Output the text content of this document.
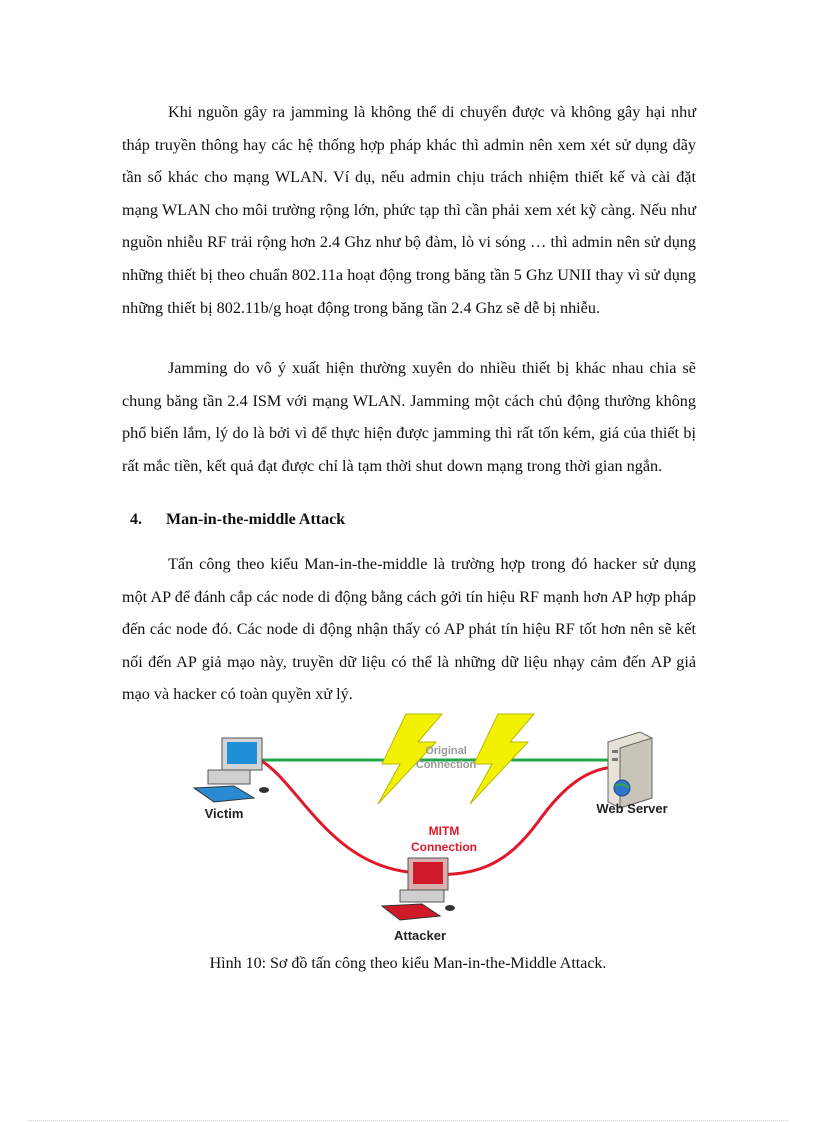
Khi nguồn gây ra jamming là không thể di chuyển được và không gây hại như tháp truyền thông hay các hệ thống hợp pháp khác thì admin nên xem xét sử dụng dãy tần số khác cho mạng WLAN. Ví dụ, nếu admin chịu trách nhiệm thiết kế và cài đặt mạng WLAN cho môi trường rộng lớn, phức tạp thì cần phải xem xét kỹ càng. Nếu như nguồn nhiễu RF trải rộng hơn 2.4 Ghz như bộ đàm, lò vi sóng … thì admin nên sử dụng những thiết bị theo chuẩn 802.11a hoạt động trong băng tần 5 Ghz UNII thay vì sử dụng những thiết bị 802.11b/g hoạt động trong băng tần 2.4 Ghz sẽ dễ bị nhiễu.

Jamming do vô ý xuất hiện thường xuyên do nhiều thiết bị khác nhau chia sẽ chung băng tần 2.4 ISM với mạng WLAN. Jamming một cách chủ động thường không phổ biến lắm, lý do là bởi vì để thực hiện được jamming thì rất tốn kém, giá của thiết bị rất mắc tiền, kết quả đạt được chỉ là tạm thời shut down mạng trong thời gian ngắn.

4. Man-in-the-middle Attack

Tấn công theo kiểu Man-in-the-middle là trường hợp trong đó hacker sử dụng một AP để đánh cắp các node di động bằng cách gởi tín hiệu RF mạnh hơn AP hợp pháp đến các node đó. Các node di động nhận thấy có AP phát tín hiệu RF tốt hơn nên sẽ kết nối đến AP giả mạo này, truyền dữ liệu có thể là những dữ liệu nhạy cảm đến AP giả mạo và hacker có toàn quyền xử lý.

Original
Connection
Victim	Web Server
MITM
Connection
Attacker

Hình 10: Sơ đồ tấn công theo kiểu Man-in-the-Middle Attack.
